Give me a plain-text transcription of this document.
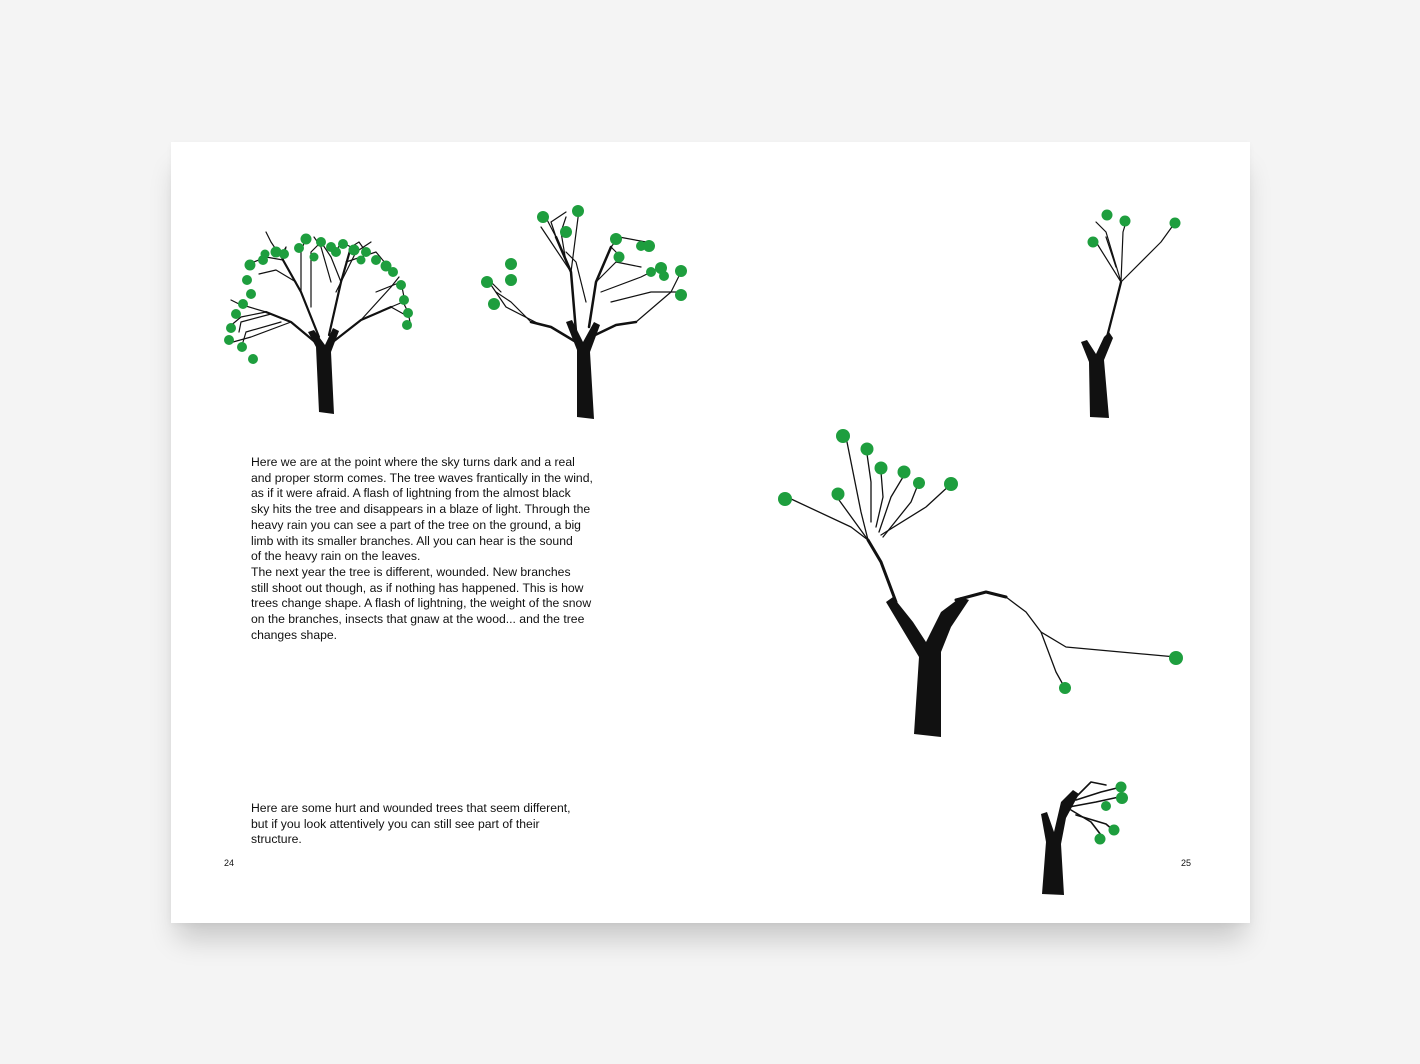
Here we are at the point where the sky turns dark and a real
and proper storm comes. The tree waves frantically in the wind,
as if it were afraid. A flash of lightning from the almost black
sky hits the tree and disappears in a blaze of light. Through the
heavy rain you can see a part of the tree on the ground, a big
limb with its smaller branches. All you can hear is the sound
of the heavy rain on the leaves.
The next year the tree is different, wounded. New branches
still shoot out though, as if nothing has happened. This is how
trees change shape. A flash of lightning, the weight of the snow
on the branches, insects that gnaw at the wood... and the tree
changes shape.

Here are some hurt and wounded trees that seem different,
but if you look attentively you can still see part of their
structure.

24	25
